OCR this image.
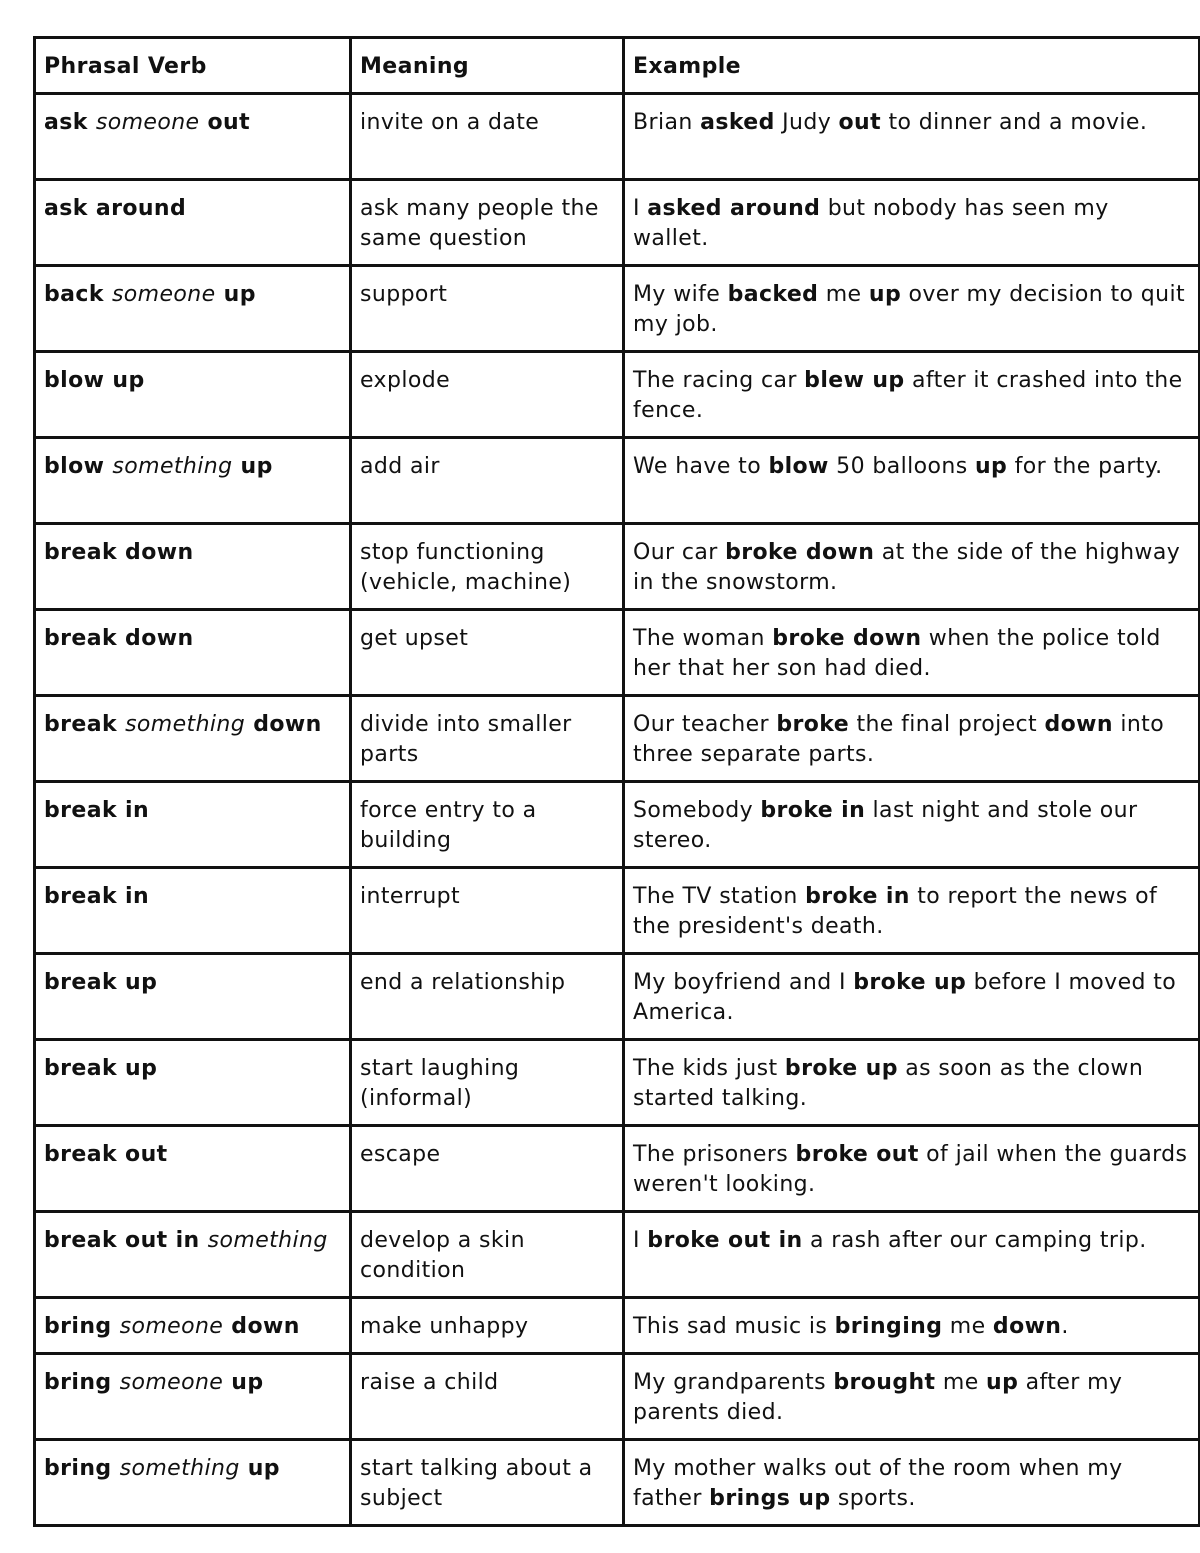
Phrasal Verb	Meaning	Example
ask someone out	invite on a date	Brian asked Judy out to dinner and a movie.
ask around	ask many people the same question	I asked around but nobody has seen my wallet.
back someone up	support	My wife backed me up over my decision to quit my job.
blow up	explode	The racing car blew up after it crashed into the fence.
blow something up	add air	We have to blow 50 balloons up for the party.
break down	stop functioning (vehicle, machine)	Our car broke down at the side of the highway in the snowstorm.
break down	get upset	The woman broke down when the police told her that her son had died.
break something down	divide into smaller parts	Our teacher broke the final project down into three separate parts.
break in	force entry to a building	Somebody broke in last night and stole our stereo.
break in	interrupt	The TV station broke in to report the news of the president's death.
break up	end a relationship	My boyfriend and I broke up before I moved to America.
break up	start laughing (informal)	The kids just broke up as soon as the clown started talking.
break out	escape	The prisoners broke out of jail when the guards weren't looking.
break out in something	develop a skin condition	I broke out in a rash after our camping trip.
bring someone down	make unhappy	This sad music is bringing me down.
bring someone up	raise a child	My grandparents brought me up after my parents died.
bring something up	start talking about a subject	My mother walks out of the room when my father brings up sports.
